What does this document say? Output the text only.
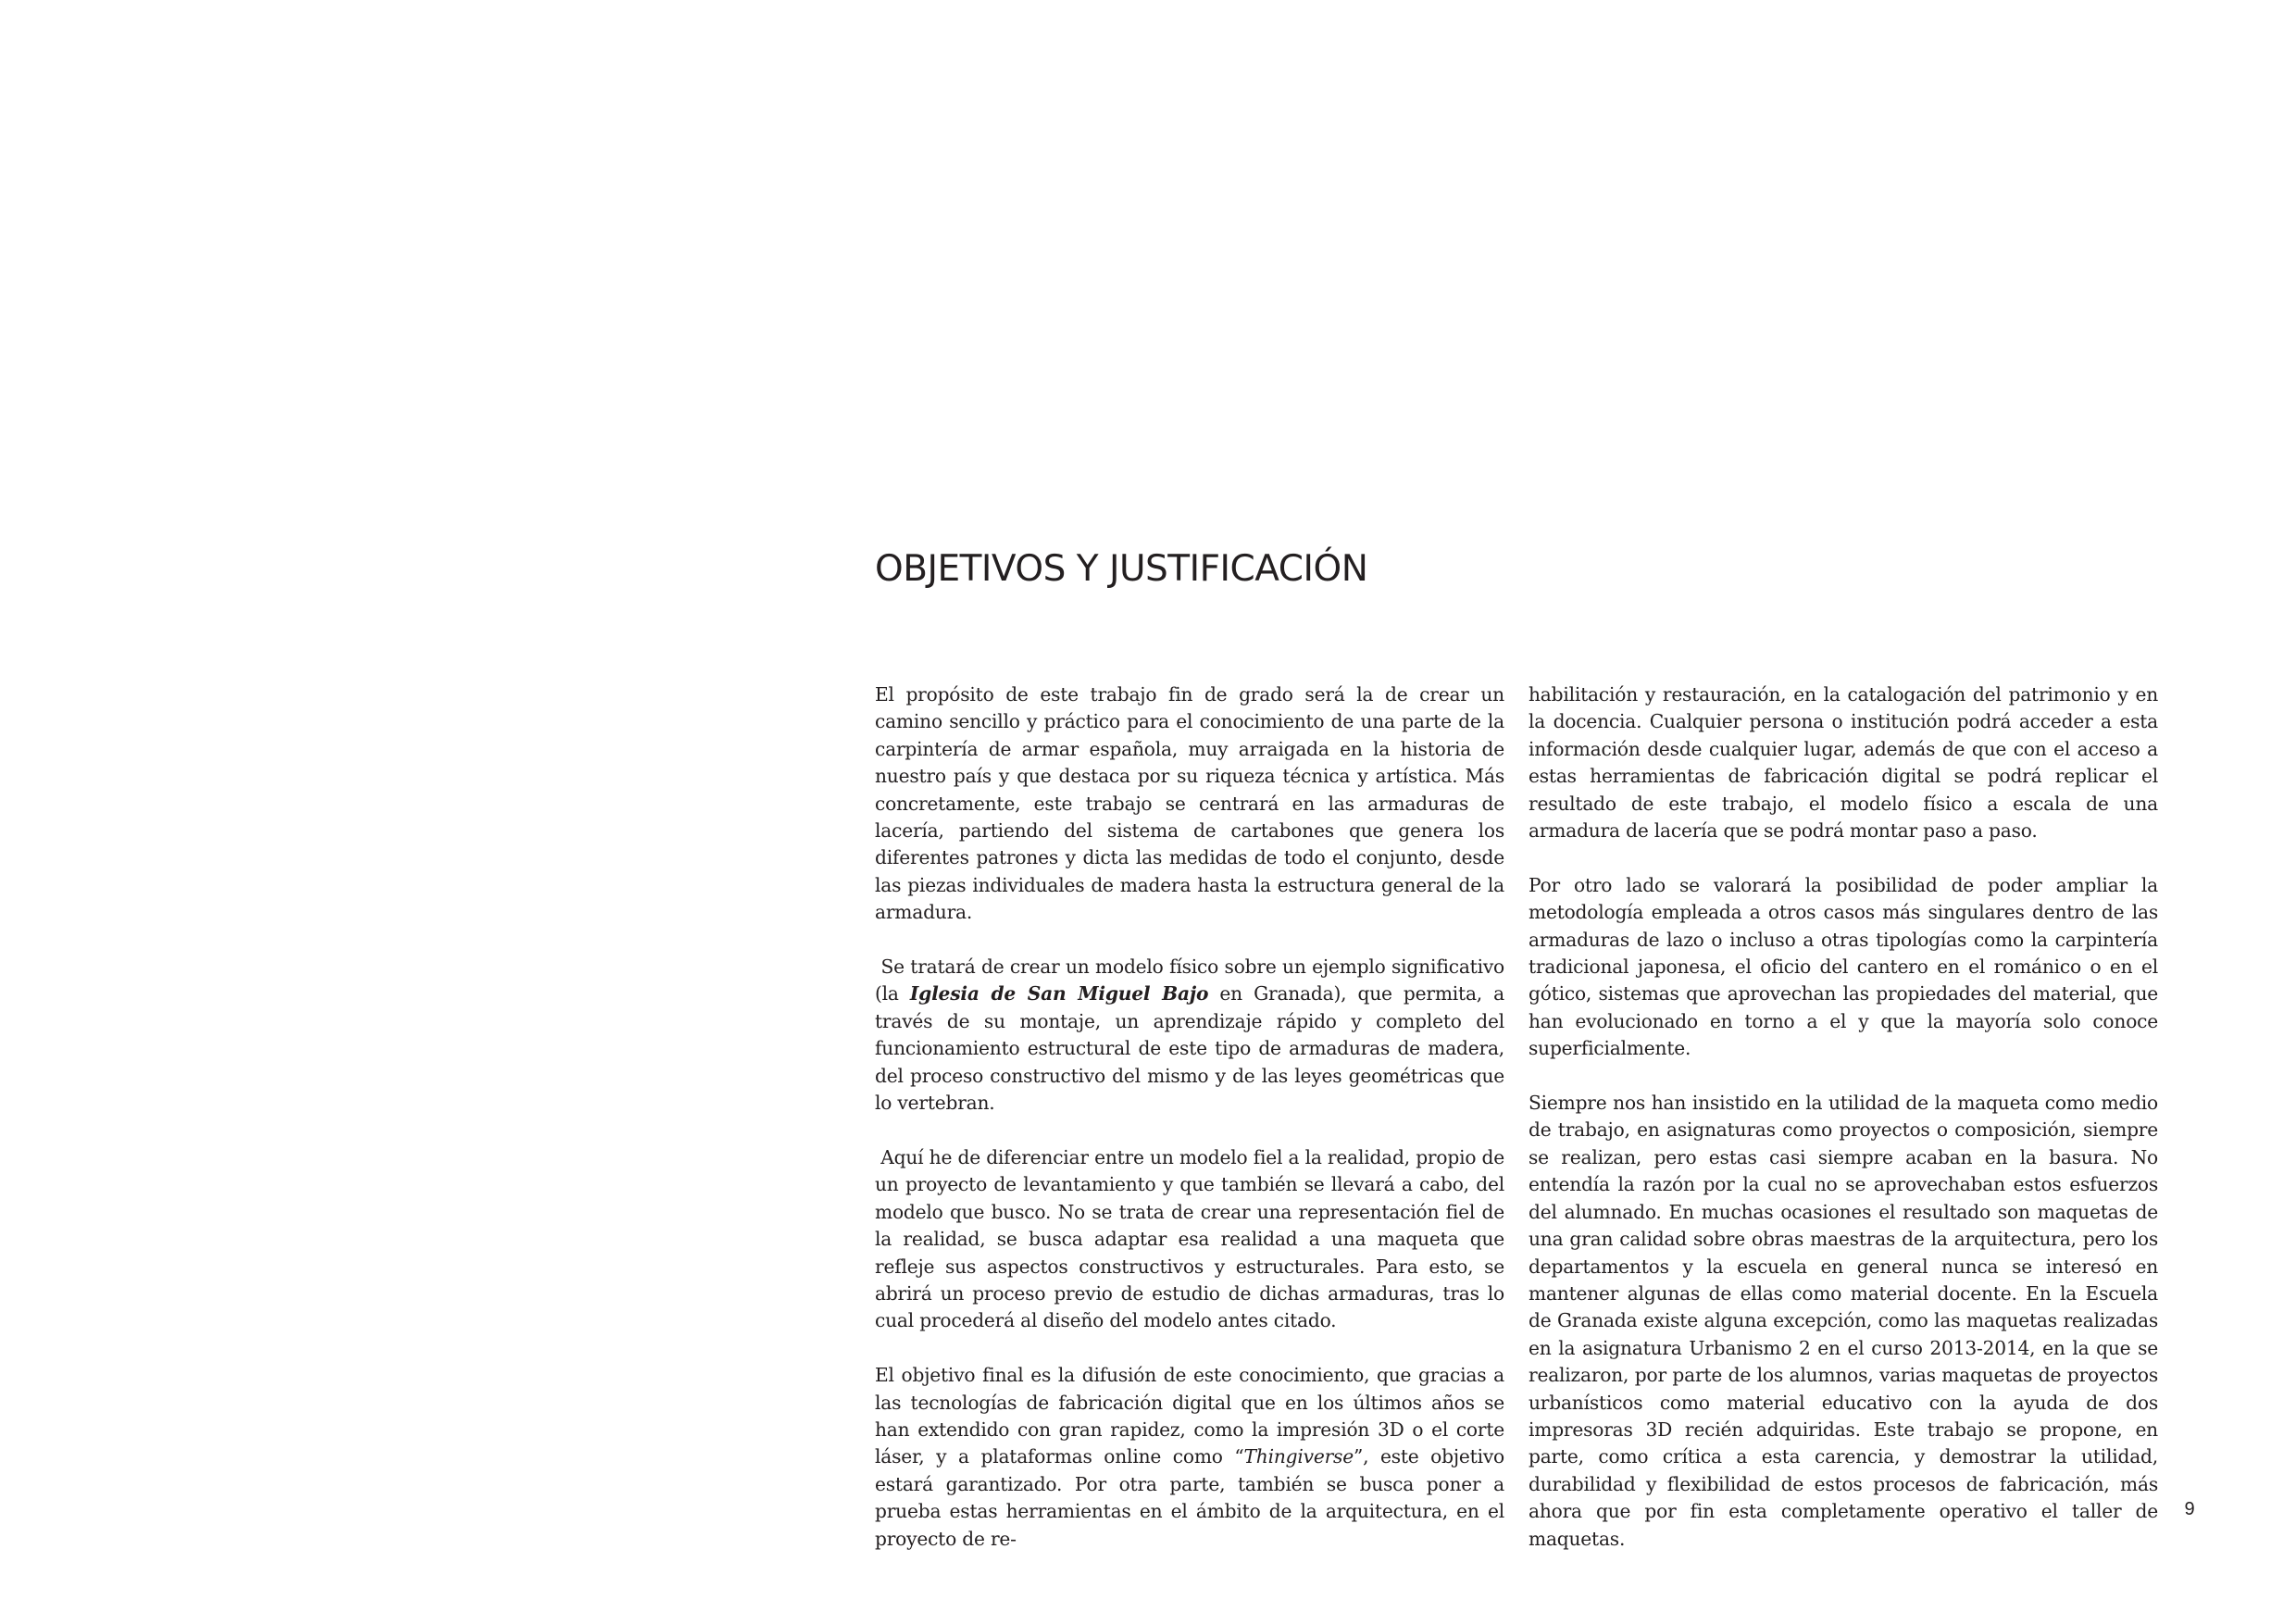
OBJETIVOS Y JUSTIFICACIÓN

El propósito de este trabajo fin de grado será la de crear un camino sencillo y práctico para el conocimiento de una parte de la carpintería de armar española, muy arraigada en la historia de nuestro país y que destaca por su riqueza técnica y artística. Más concretamente, este trabajo se centrará en las armaduras de lacería, partiendo del sistema de cartabones que genera los diferentes patrones y dicta las medidas de todo el conjunto, desde las piezas individuales de madera hasta la estructura general de la armadura.

Se tratará de crear un modelo físico sobre un ejemplo significativo (la Iglesia de San Miguel Bajo en Granada), que permita, a través de su montaje, un aprendizaje rápido y completo del funcionamiento estructural de este tipo de armaduras de madera, del proceso constructivo del mismo y de las leyes geométricas que lo vertebran.

Aquí he de diferenciar entre un modelo fiel a la realidad, propio de un proyecto de levantamiento y que también se llevará a cabo, del modelo que busco. No se trata de crear una representación fiel de la realidad, se busca adaptar esa realidad a una maqueta que refleje sus aspectos constructivos y estructurales. Para esto, se abrirá un proceso previo de estudio de dichas armaduras, tras lo cual procederá al diseño del modelo antes citado.

El objetivo final es la difusión de este conocimiento, que gracias a las tecnologías de fabricación digital que en los últimos años se han extendido con gran rapidez, como la impresión 3D o el corte láser, y a plataformas online como “Thingiverse”, este objetivo estará garantizado. Por otra parte, también se busca poner a prueba estas herramientas en el ámbito de la arquitectura, en el proyecto de re-

habilitación y restauración, en la catalogación del patrimonio y en la docencia. Cualquier persona o institución podrá acceder a esta información desde cualquier lugar, además de que con el acceso a estas herramientas de fabricación digital se podrá replicar el resultado de este trabajo, el modelo físico a escala de una armadura de lacería que se podrá montar paso a paso.

Por otro lado se valorará la posibilidad de poder ampliar la metodología empleada a otros casos más singulares dentro de las armaduras de lazo o incluso a otras tipologías como la carpintería tradicional japonesa, el oficio del cantero en el románico o en el gótico, sistemas que aprovechan las propiedades del material, que han evolucionado en torno a el y que la mayoría solo conoce superficialmente.

Siempre nos han insistido en la utilidad de la maqueta como medio de trabajo, en asignaturas como proyectos o composición, siempre se realizan, pero estas casi siempre acaban en la basura. No entendía la razón por la cual no se aprovechaban estos esfuerzos del alumnado. En muchas ocasiones el resultado son maquetas de una gran calidad sobre obras maestras de la arquitectura, pero los departamentos y la escuela en general nunca se interesó en mantener algunas de ellas como material docente. En la Escuela de Granada existe alguna excepción, como las maquetas realizadas en la asignatura Urbanismo 2 en el curso 2013-2014, en la que se realizaron, por parte de los alumnos, varias maquetas de proyectos urbanísticos como material educativo con la ayuda de dos impresoras 3D recién adquiridas. Este trabajo se propone, en parte, como crítica a esta carencia, y demostrar la utilidad, durabilidad y flexibilidad de estos procesos de fabricación, más ahora que por fin esta completamente operativo el taller de maquetas.

9
